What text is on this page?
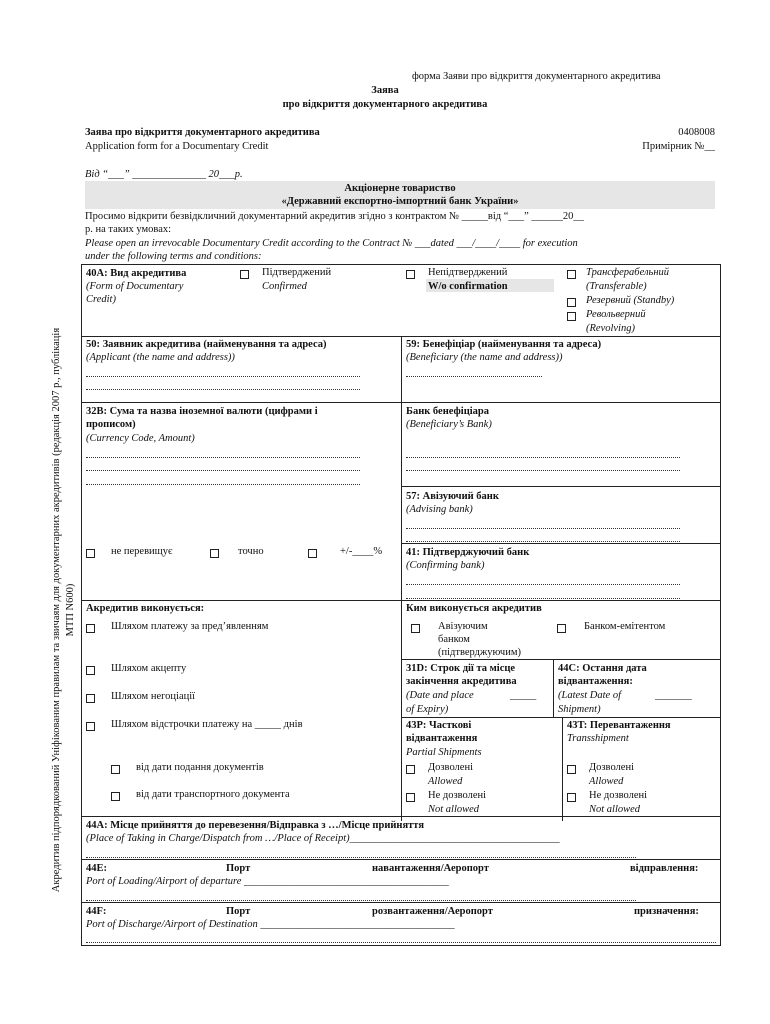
Акредитив підпорядкований Уніфікованим правилам та звичаям для документарних акредитивів (редакція 2007 р., публікація МТП N600)
форма Заяви про відкриття документарного акредитива
Заява
про відкриття документарного акредитива
Заява про відкриття документарного акредитива
Application form for a Documentary Credit
0408008
Примірник №__
Від “___” ______________ 20___р.
Акціонерне товариство
«Державний експортно-імпортний банк України»
Просимо відкрити безвідкличний документарний акредитив згідно з контрактом № _____від “___” ______20__
р. на таких умовах:
Please open an irrevocable Documentary Credit according to the Contract № ___dated ___/____/____ for execution
under the following terms and conditions:
40A: Вид акредитива
(Form of Documentary
Credit)
Підтверджений
Confirmed
Непідтверджений
W/o confirmation
Трансферабельний
(Transferable)
Резервний (Standby)
Револьверний
(Revolving)
50: Заявник акредитива (найменування та адреса)
(Applicant (the name and address))
59: Бенефіціар (найменування та адреса)
(Beneficiary (the name and address))
32B: Сума та назва іноземної валюти (цифрами і
прописом)
(Currency Code, Amount)
не перевищує	точно	+/-____%
Банк бенефіціара
(Beneficiary’s Bank)
57: Авізуючий банк
(Advising bank)
41: Підтверджуючий банк
(Confirming bank)
Акредитив виконується:
Шляхом платежу за пред’явленням
Шляхом акцепту
Шляхом негоціації
Шляхом відстрочки платежу на _____ днів
від дати подання документів
від дати транспортного документа
Ким виконується акредитив
Авізуючим
банком
(підтверджуючим)
Банком-емітентом
31D: Строк дії та місце
закінчення акредитива
(Date and place	_____
of Expiry)
44C: Остання дата
відвантаження:
(Latest Date of	_______
Shipment)
43P: Часткові
відвантаження
Partial Shipments
Дозволені
Allowed
Не дозволені
Not allowed
43T: Перевантаження
Transshipment
Дозволені
Allowed
Не дозволені
Not allowed
44A: Місце прийняття до перевезення/Відправка з …/Місце прийняття
(Place of Taking in Charge/Dispatch from …/Place of Receipt)________________________________________
44E:	Порт	навантаження/Аеропорт	відправлення:
Port of Loading/Airport of departure _______________________________________
44F:	Порт	розвантаження/Аеропорт	призначення:
Port of Discharge/Airport of Destination _____________________________________
